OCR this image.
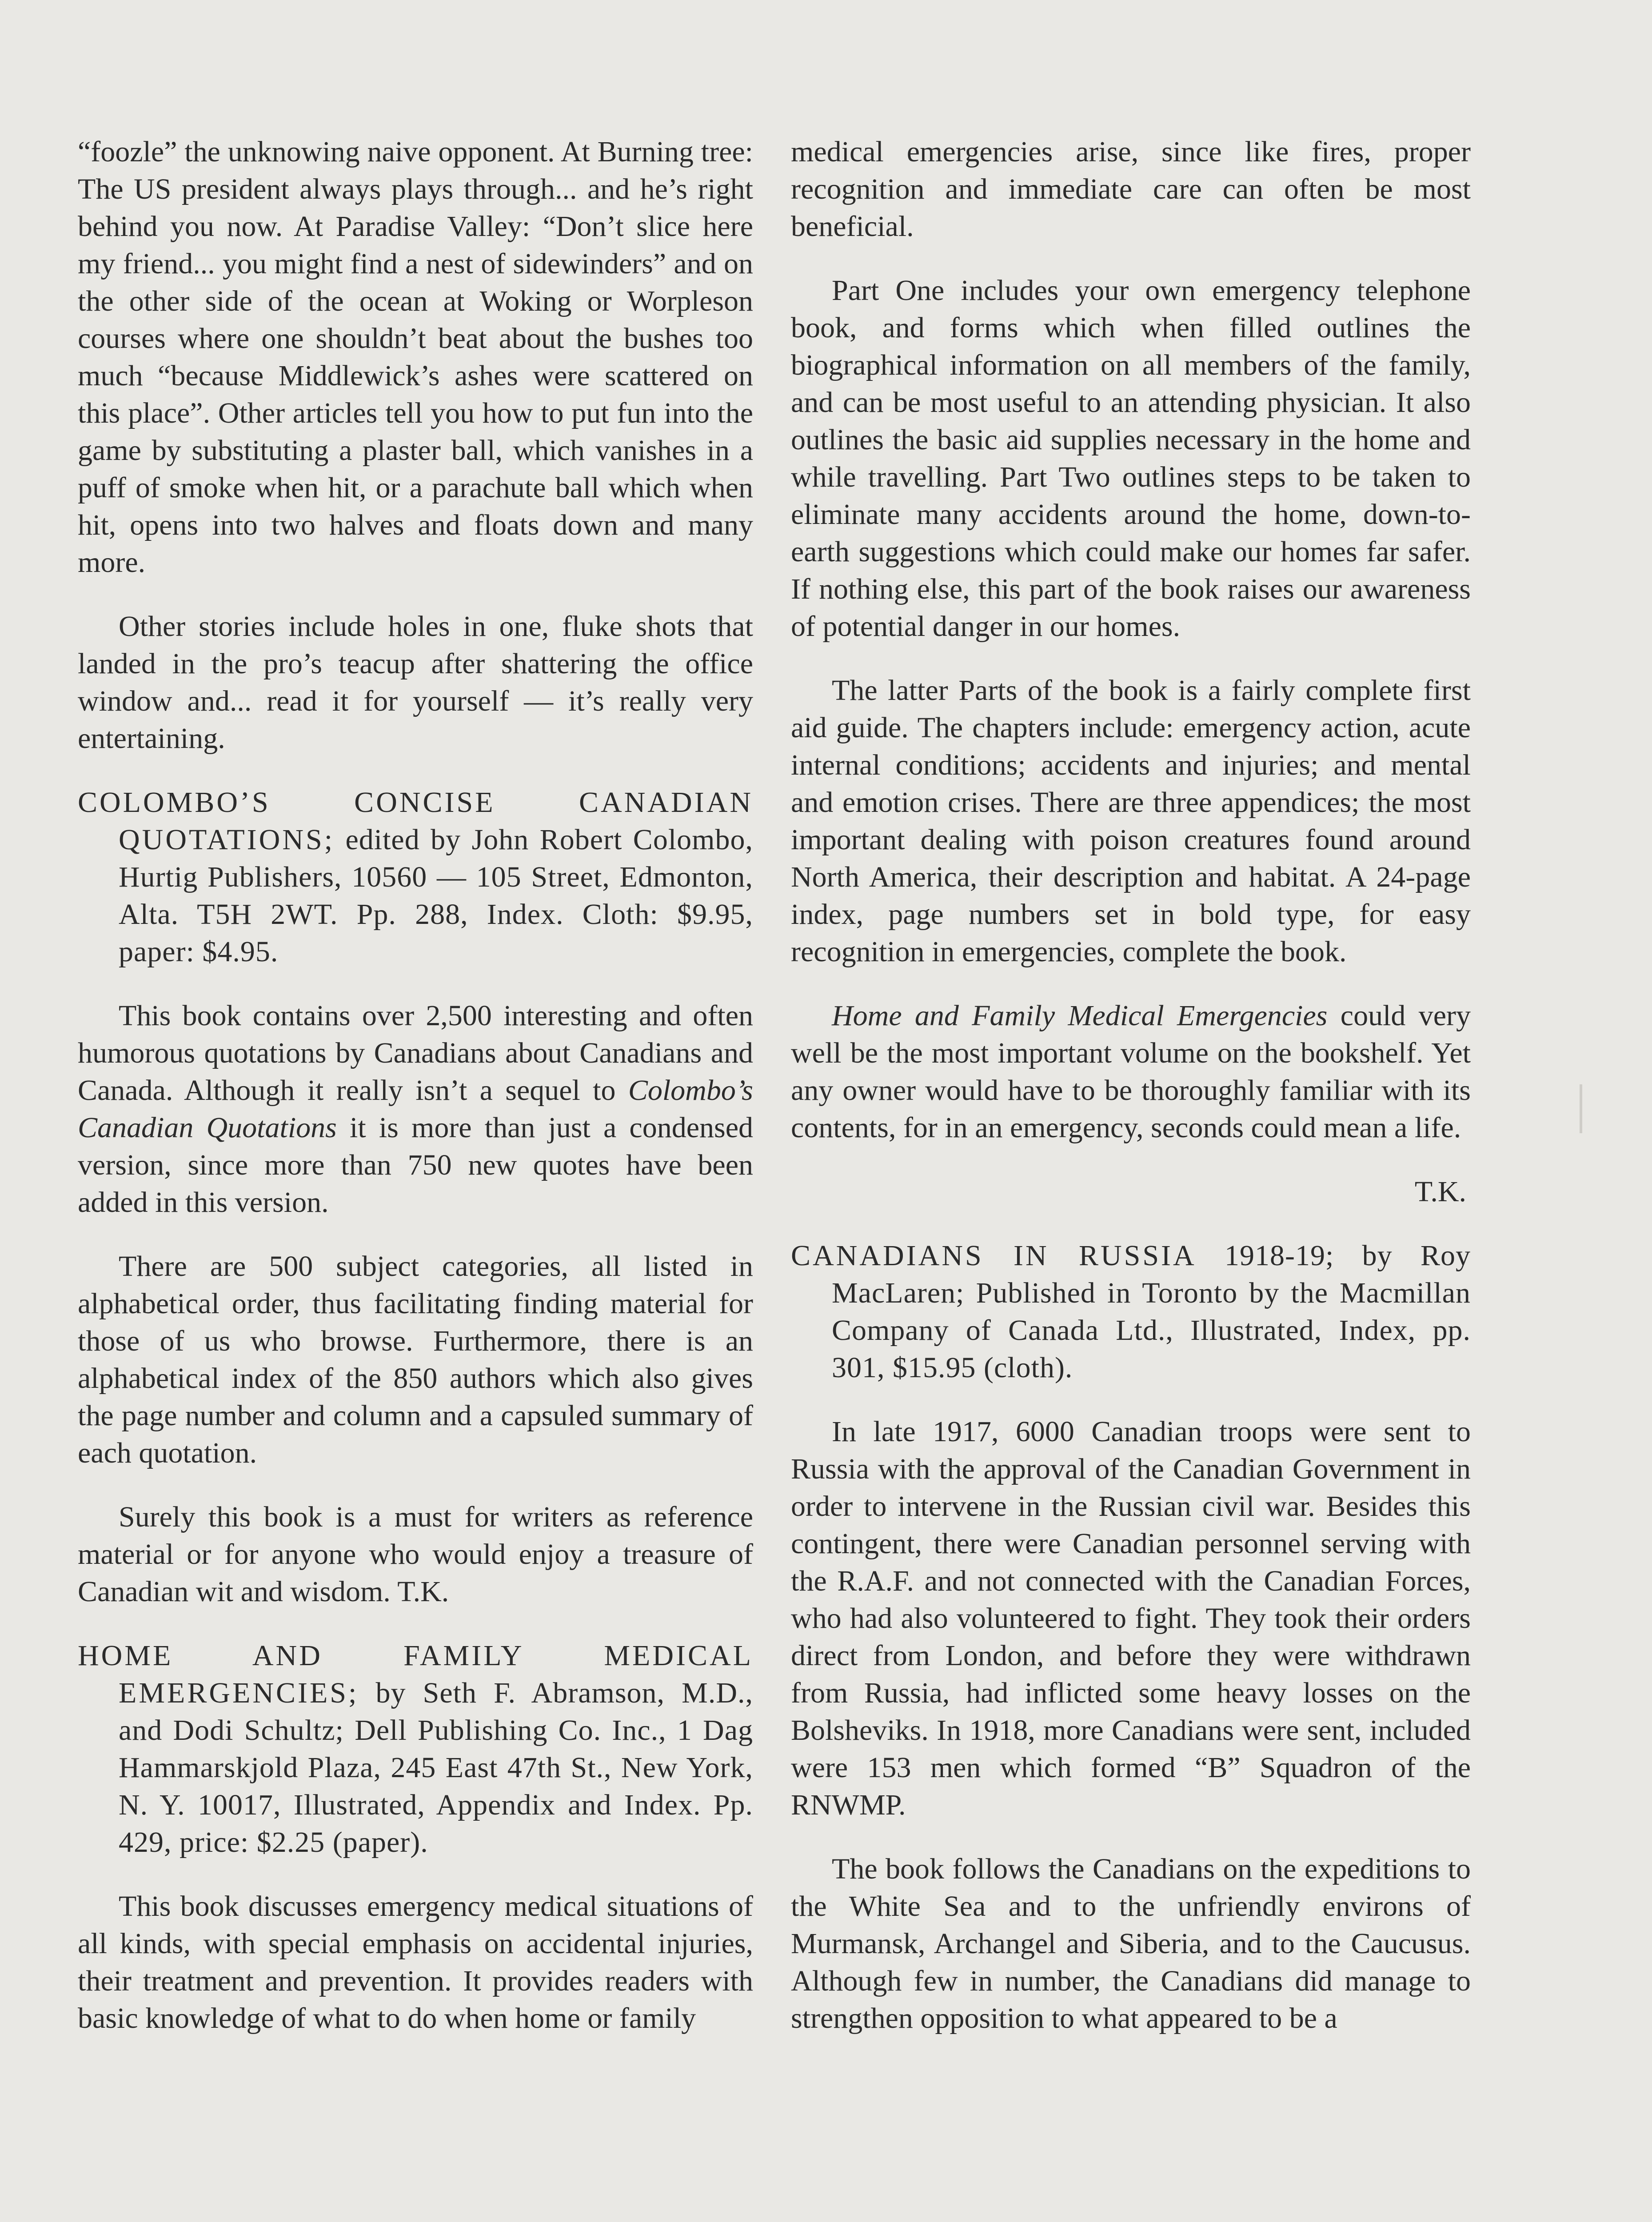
“foozle” the unknowing naive opponent. At Burning tree: The US president always plays through... and he’s right behind you now. At Paradise Valley: “Don’t slice here my friend... you might find a nest of sidewinders” and on the other side of the ocean at Woking or Worpleson courses where one shouldn’t beat about the bushes too much “because Middlewick’s ashes were scattered on this place”. Other articles tell you how to put fun into the game by substituting a plaster ball, which vanishes in a puff of smoke when hit, or a parachute ball which when hit, opens into two halves and floats down and many more.

Other stories include holes in one, fluke shots that landed in the pro’s teacup after shattering the office window and... read it for yourself — it’s really very entertaining.

COLOMBO’S CONCISE CANADIAN QUOTATIONS; edited by John Robert Colombo, Hurtig Publishers, 10560 — 105 Street, Edmonton, Alta. T5H 2WT. Pp. 288, Index. Cloth: $9.95, paper: $4.95.

This book contains over 2,500 interesting and often humorous quotations by Canadians about Canadians and Canada. Although it really isn’t a sequel to Colombo’s Canadian Quotations it is more than just a condensed version, since more than 750 new quotes have been added in this version.

There are 500 subject categories, all listed in alphabetical order, thus facilitating finding material for those of us who browse. Furthermore, there is an alphabetical index of the 850 authors which also gives the page number and column and a capsuled summary of each quotation.

Surely this book is a must for writers as reference material or for anyone who would enjoy a treasure of Canadian wit and wisdom. T.K.

HOME AND FAMILY MEDICAL EMERGENCIES; by Seth F. Abramson, M.D., and Dodi Schultz; Dell Publishing Co. Inc., 1 Dag Hammarskjold Plaza, 245 East 47th St., New York, N. Y. 10017, Illustrated, Appendix and Index. Pp. 429, price: $2.25 (paper).

This book discusses emergency medical situations of all kinds, with special emphasis on accidental injuries, their treatment and prevention. It provides readers with basic knowledge of what to do when home or family

medical emergencies arise, since like fires, proper recognition and immediate care can often be most beneficial.

Part One includes your own emergency telephone book, and forms which when filled outlines the biographical information on all members of the family, and can be most useful to an attending physician. It also outlines the basic aid supplies necessary in the home and while travelling. Part Two outlines steps to be taken to eliminate many accidents around the home, down-to-earth suggestions which could make our homes far safer. If nothing else, this part of the book raises our awareness of potential danger in our homes.

The latter Parts of the book is a fairly complete first aid guide. The chapters include: emergency action, acute internal conditions; accidents and injuries; and mental and emotion crises. There are three appendices; the most important dealing with poison creatures found around North America, their description and habitat. A 24-page index, page numbers set in bold type, for easy recognition in emergencies, complete the book.

Home and Family Medical Emergencies could very well be the most important volume on the bookshelf. Yet any owner would have to be thoroughly familiar with its contents, for in an emergency, seconds could mean a life.

T.K.

CANADIANS IN RUSSIA 1918-19; by Roy MacLaren; Published in Toronto by the Macmillan Company of Canada Ltd., Illustrated, Index, pp. 301, $15.95 (cloth).

In late 1917, 6000 Canadian troops were sent to Russia with the approval of the Canadian Government in order to intervene in the Russian civil war. Besides this contingent, there were Canadian personnel serving with the R.A.F. and not connected with the Canadian Forces, who had also volunteered to fight. They took their orders direct from London, and before they were withdrawn from Russia, had inflicted some heavy losses on the Bolsheviks. In 1918, more Canadians were sent, included were 153 men which formed “B” Squadron of the RNWMP.

The book follows the Canadians on the expeditions to the White Sea and to the unfriendly environs of Murmansk, Archangel and Siberia, and to the Caucusus. Although few in number, the Canadians did manage to strengthen opposition to what appeared to be a
